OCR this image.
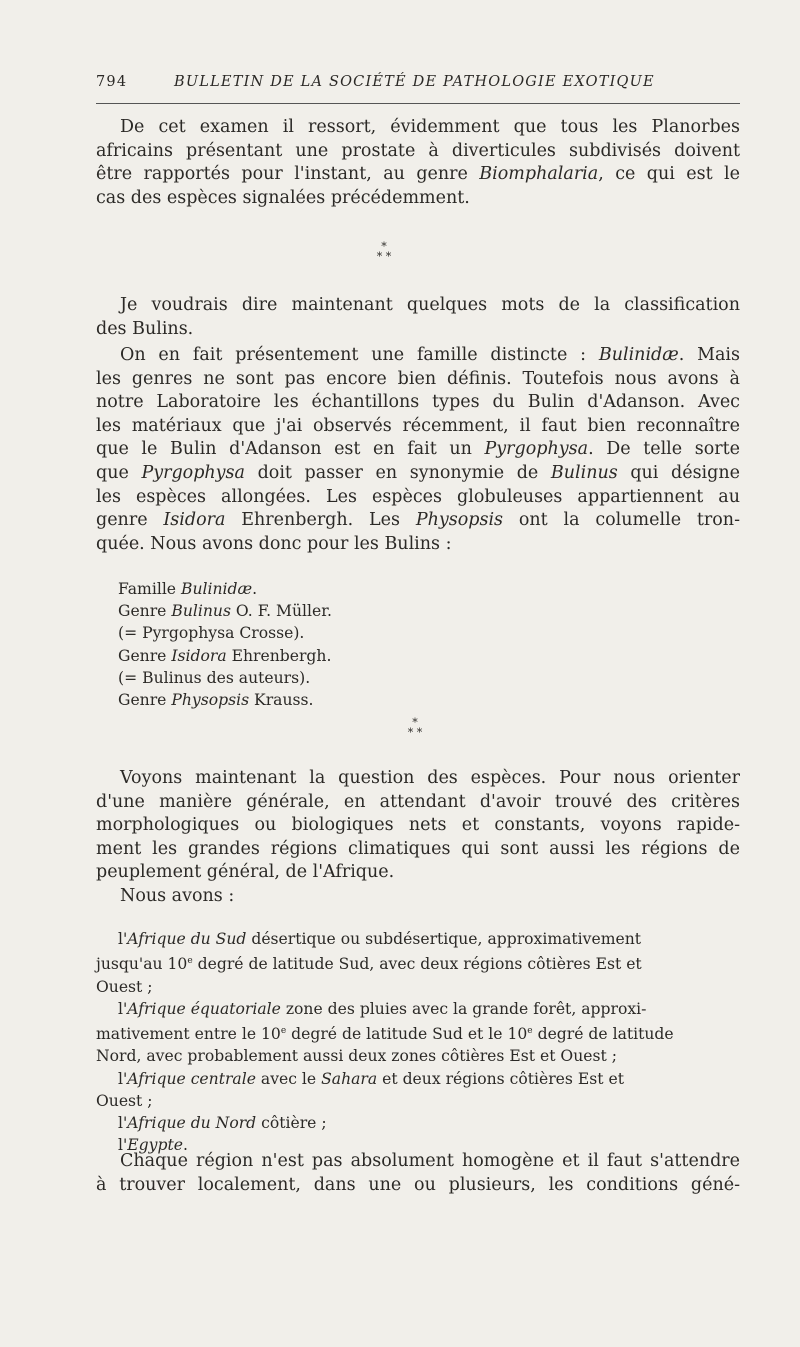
794	BULLETIN DE LA SOCIÉTÉ DE PATHOLOGIE EXOTIQUE
De cet examen il ressort, évidemment que tous les Planorbes
africains présentant une prostate à diverticules subdivisés doivent
être rapportés pour l'instant, au genre Biomphalaria, ce qui est le
cas des espèces signalées précédemment.
*
* *
Je voudrais dire maintenant quelques mots de la classification
des Bulins.
On en fait présentement une famille distincte : Bulinidæ. Mais
les genres ne sont pas encore bien définis. Toutefois nous avons à
notre Laboratoire les échantillons types du Bulin d'Adanson. Avec
les matériaux que j'ai observés récemment, il faut bien reconnaître
que le Bulin d'Adanson est en fait un Pyrgophysa. De telle sorte
que Pyrgophysa doit passer en synonymie de Bulinus qui désigne
les espèces allongées. Les espèces globuleuses appartiennent au
genre Isidora Ehrenbergh. Les Physopsis ont la columelle tron-
quée. Nous avons donc pour les Bulins :
Famille Bulinidæ.
Genre Bulinus O. F. Müller.
(= Pyrgophysa Crosse).
Genre Isidora Ehrenbergh.
(= Bulinus des auteurs).
Genre Physopsis Krauss.
*
* *
Voyons maintenant la question des espèces. Pour nous orienter
d'une manière générale, en attendant d'avoir trouvé des critères
morphologiques ou biologiques nets et constants, voyons rapide-
ment les grandes régions climatiques qui sont aussi les régions de
peuplement général, de l'Afrique.
Nous avons :
l'Afrique du Sud désertique ou subdésertique, approximativement
jusqu'au 10e degré de latitude Sud, avec deux régions côtières Est et
Ouest ;
l'Afrique équatoriale zone des pluies avec la grande forêt, approxi-
mativement entre le 10e degré de latitude Sud et le 10e degré de latitude
Nord, avec probablement aussi deux zones côtières Est et Ouest ;
l'Afrique centrale avec le Sahara et deux régions côtières Est et
Ouest ;
l'Afrique du Nord côtière ;
l'Egypte.
Chaque région n'est pas absolument homogène et il faut s'attendre
à trouver localement, dans une ou plusieurs, les conditions géné-
